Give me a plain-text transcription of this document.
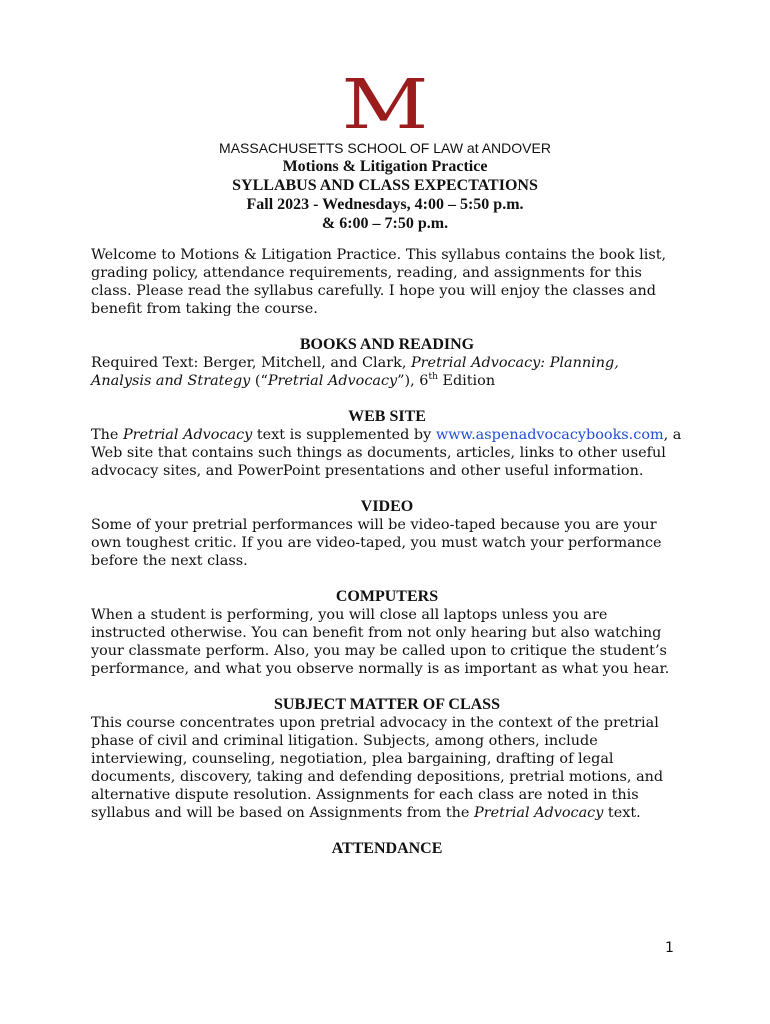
M
MASSACHUSETTS SCHOOL OF LAW at ANDOVER
Motions & Litigation Practice
SYLLABUS AND CLASS EXPECTATIONS
Fall 2023 - Wednesdays, 4:00 – 5:50 p.m.
& 6:00 – 7:50 p.m.

Welcome to Motions & Litigation Practice. This syllabus contains the book list, grading policy, attendance requirements, reading, and assignments for this class. Please read the syllabus carefully. I hope you will enjoy the classes and benefit from taking the course.

BOOKS AND READING

Required Text: Berger, Mitchell, and Clark, Pretrial Advocacy: Planning, Analysis and Strategy (“Pretrial Advocacy”), 6th Edition

WEB SITE

The Pretrial Advocacy text is supplemented by www.aspenadvocacybooks.com, a Web site that contains such things as documents, articles, links to other useful advocacy sites, and PowerPoint presentations and other useful information.

VIDEO

Some of your pretrial performances will be video-taped because you are your own toughest critic. If you are video-taped, you must watch your performance before the next class.

COMPUTERS

When a student is performing, you will close all laptops unless you are instructed otherwise. You can benefit from not only hearing but also watching your classmate perform. Also, you may be called upon to critique the student’s performance, and what you observe normally is as important as what you hear.

SUBJECT MATTER OF CLASS

This course concentrates upon pretrial advocacy in the context of the pretrial phase of civil and criminal litigation. Subjects, among others, include interviewing, counseling, negotiation, plea bargaining, drafting of legal documents, discovery, taking and defending depositions, pretrial motions, and alternative dispute resolution. Assignments for each class are noted in this syllabus and will be based on Assignments from the Pretrial Advocacy text.

ATTENDANCE
1
